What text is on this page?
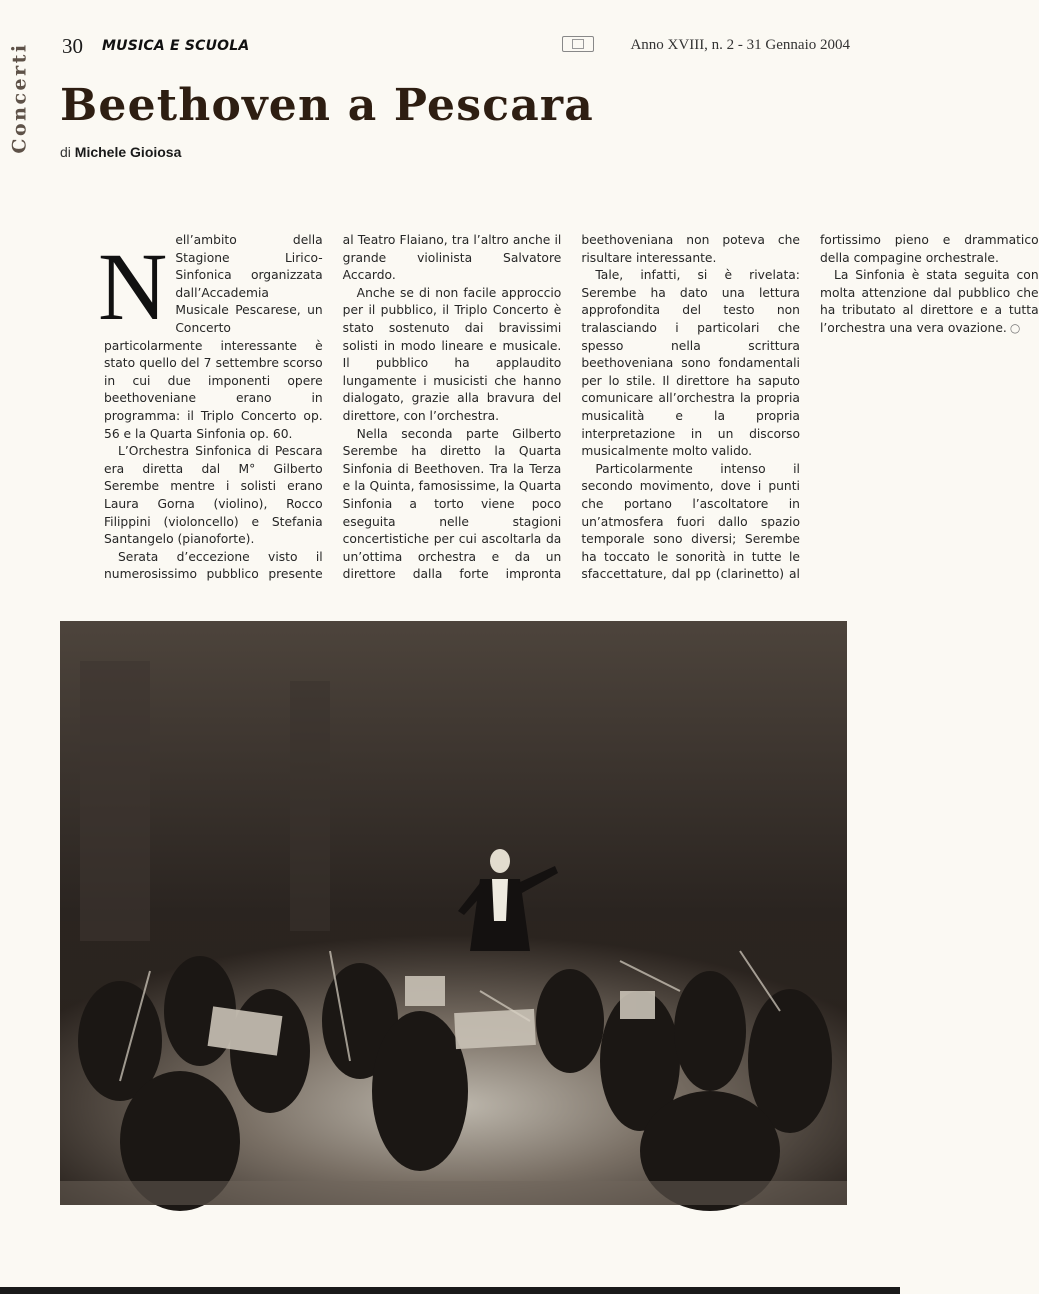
Concerti 30 MUSICA E SCUOLA	Anno XVIII, n. 2 - 31 Gennaio 2004
Beethoven a Pescara
di Michele Gioiosa

Nell’ambito della Stagione Lirico-Sinfonica organizzata dall’Accademia Musicale Pescarese, un Concerto particolarmente interessante è stato quello del 7 settembre scorso in cui due imponenti opere beethoveniane erano in programma: il Triplo Concerto op. 56 e la Quarta Sinfonia op. 60.

L’Orchestra Sinfonica di Pescara era diretta dal M° Gilberto Serembe mentre i solisti erano Laura Gorna (violino), Rocco Filippini (violoncello) e Stefania Santangelo (pianoforte).

Serata d’eccezione visto il numerosissimo pubblico presente al Teatro Flaiano, tra l’altro anche il grande violinista Salvatore Accardo.

Anche se di non facile approccio per il pubblico, il Triplo Concerto è stato sostenuto dai bravissimi solisti in modo lineare e musicale. Il pubblico ha applaudito lungamente i musicisti che hanno dialogato, grazie alla bravura del direttore, con l’orchestra.

Nella seconda parte Gilberto Serembe ha diretto la Quarta Sinfonia di Beethoven. Tra la Terza e la Quinta, famosissime, la Quarta Sinfonia a torto viene poco eseguita nelle stagioni concertistiche per cui ascoltarla da un’ottima orchestra e da un direttore dalla forte impronta beethoveniana non poteva che risultare interessante.

Tale, infatti, si è rivelata: Serembe ha dato una lettura approfondita del testo non tralasciando i particolari che spesso nella scrittura beethoveniana sono fondamentali per lo stile. Il direttore ha saputo comunicare all’orchestra la propria musicalità e la propria interpretazione in un discorso musicalmente molto valido.

Particolarmente intenso il secondo movimento, dove i punti che portano l’ascoltatore in un’atmosfera fuori dallo spazio temporale sono diversi; Serembe ha toccato le sonorità in tutte le sfaccettature, dal pp (clarinetto) al fortissimo pieno e drammatico della compagine orchestrale.

La Sinfonia è stata seguita con molta attenzione dal pubblico che ha tributato al direttore e a tutta l’orchestra una vera ovazione. ○
